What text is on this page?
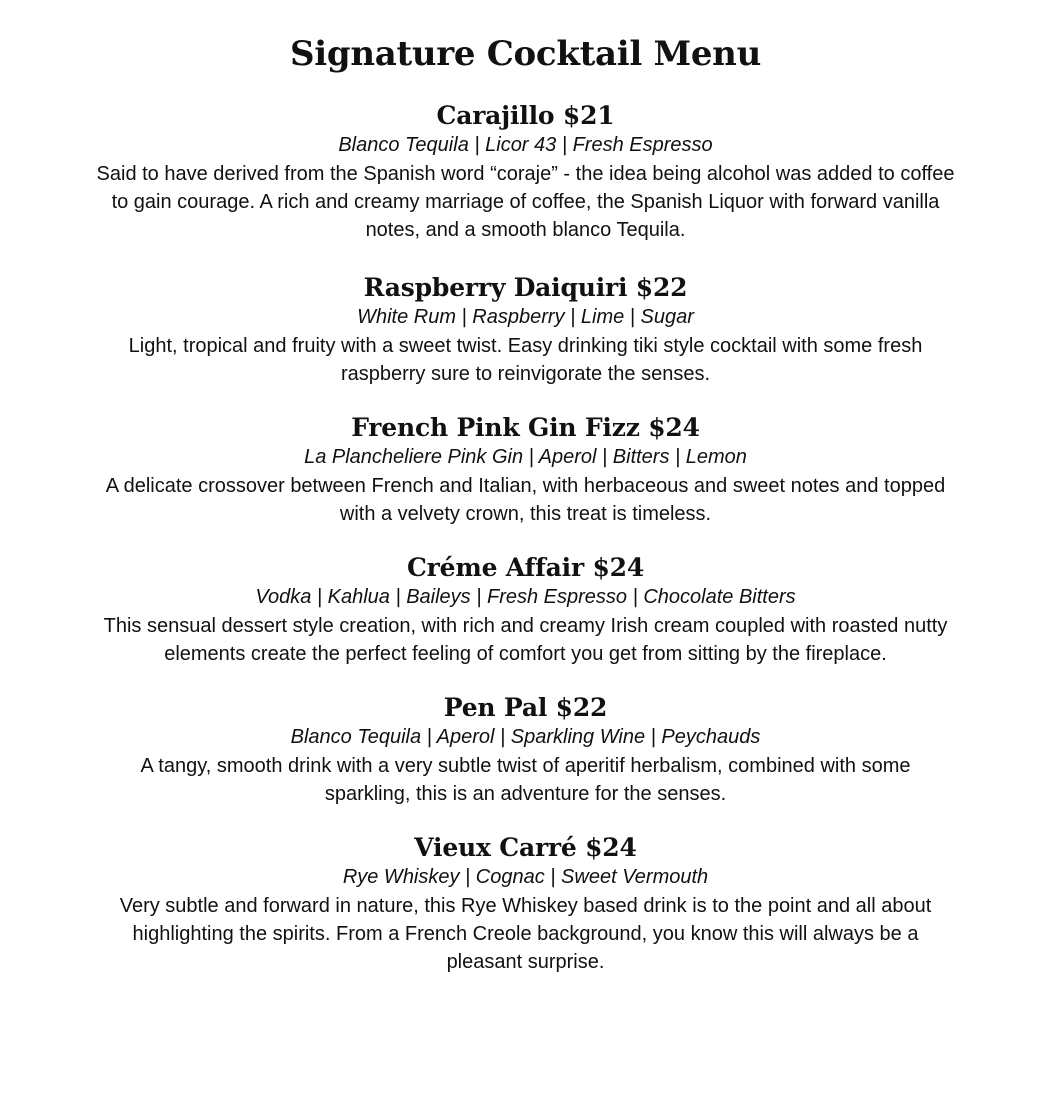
Signature Cocktail Menu
Carajillo $21

Blanco Tequila | Licor 43 | Fresh Espresso

Said to have derived from the Spanish word “coraje” - the idea being alcohol was added to coffee to gain courage. A rich and creamy marriage of coffee, the Spanish Liquor with forward vanilla notes, and a smooth blanco Tequila.

Raspberry Daiquiri $22

White Rum | Raspberry | Lime | Sugar

Light, tropical and fruity with a sweet twist. Easy drinking tiki style cocktail with some fresh raspberry sure to reinvigorate the senses.

French Pink Gin Fizz $24

La Plancheliere Pink Gin | Aperol | Bitters | Lemon

A delicate crossover between French and Italian, with herbaceous and sweet notes and topped with a velvety crown, this treat is timeless.

Créme Affair $24

Vodka | Kahlua | Baileys | Fresh Espresso | Chocolate Bitters

This sensual dessert style creation, with rich and creamy Irish cream coupled with roasted nutty elements create the perfect feeling of comfort you get from sitting by the fireplace.

Pen Pal $22

Blanco Tequila | Aperol | Sparkling Wine | Peychauds

A tangy, smooth drink with a very subtle twist of aperitif herbalism, combined with some sparkling, this is an adventure for the senses.

Vieux Carré $24

Rye Whiskey | Cognac | Sweet Vermouth

Very subtle and forward in nature, this Rye Whiskey based drink is to the point and all about highlighting the spirits. From a French Creole background, you know this will always be a pleasant surprise.
